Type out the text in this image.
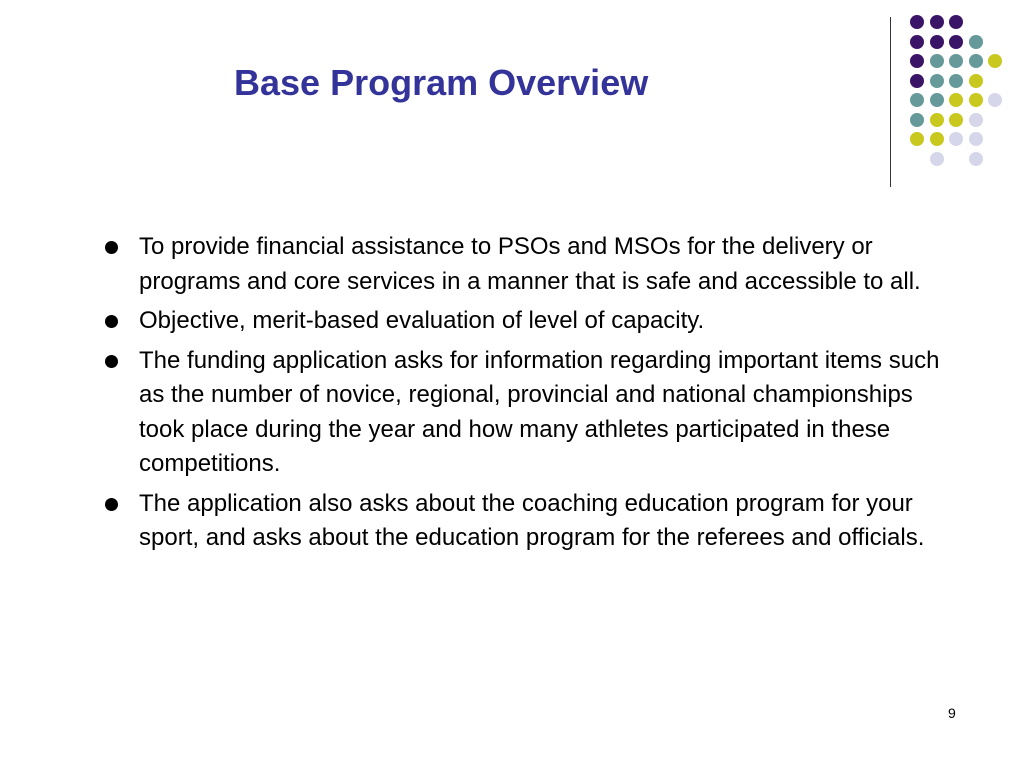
Base Program Overview
To provide financial assistance to PSOs and MSOs for the delivery or programs and core services in a manner that is safe and accessible to all.
Objective, merit-based evaluation of level of capacity.
The funding application asks for information regarding important items such as the number of novice, regional, provincial and national championships took place during the year and how many athletes participated in these competitions.
The application also asks about the coaching education program for your sport, and asks about the education program for the referees and officials.
9
